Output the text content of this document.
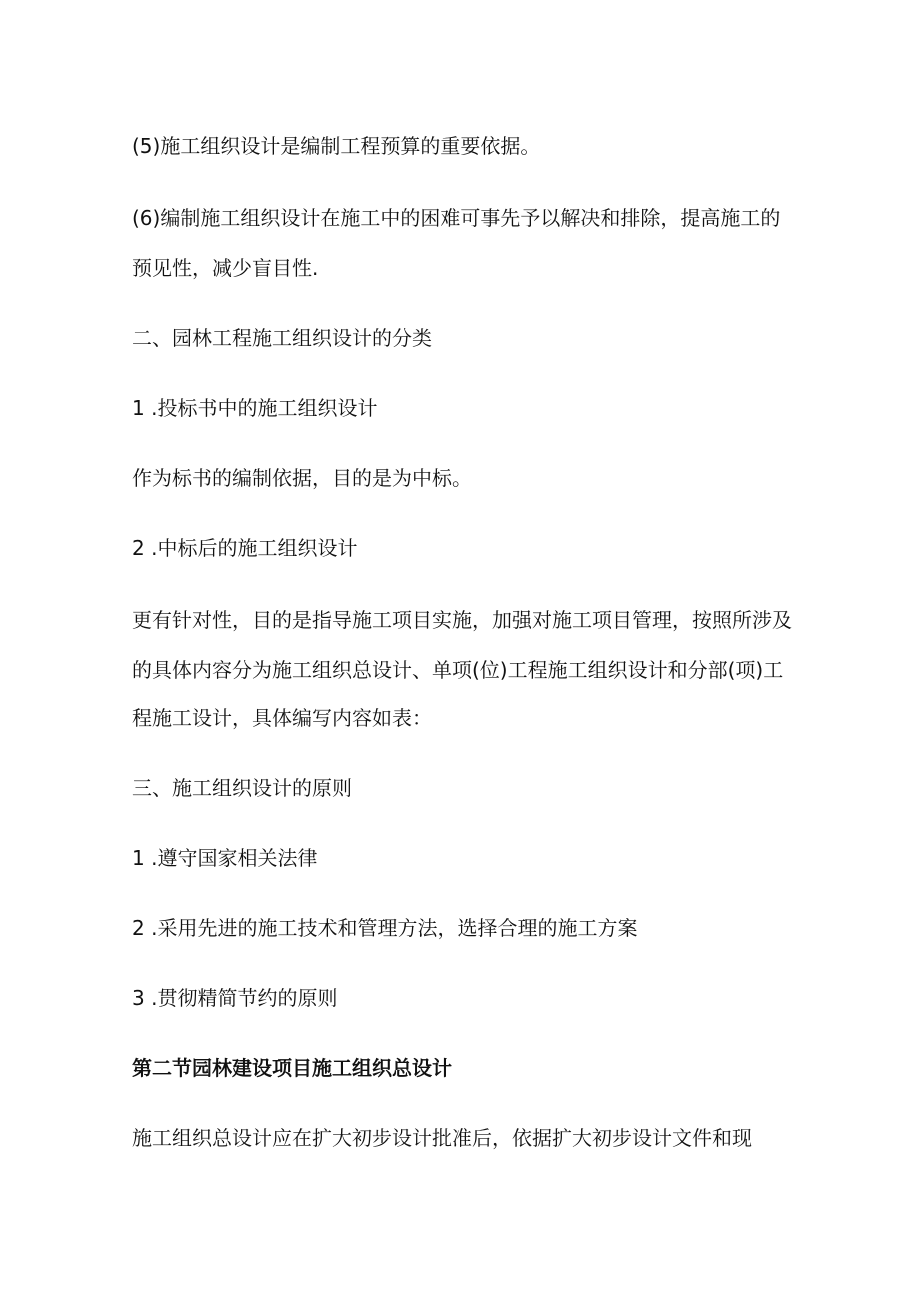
(5)施工组织设计是编制工程预算的重要依据。
(6)编制施工组织设计在施工中的困难可事先予以解决和排除，提高施工的
预见性，减少盲目性.
二、园林工程施工组织设计的分类
1 .投标书中的施工组织设计
作为标书的编制依据，目的是为中标。
2 .中标后的施工组织设计
更有针对性，目的是指导施工项目实施，加强对施工项目管理，按照所涉及
的具体内容分为施工组织总设计、单项(位)工程施工组织设计和分部(项)工
程施工设计，具体编写内容如表：
三、施工组织设计的原则
1 .遵守国家相关法律
2 .采用先进的施工技术和管理方法，选择合理的施工方案
3 .贯彻精简节约的原则
第二节园林建设项目施工组织总设计
施工组织总设计应在扩大初步设计批准后，依据扩大初步设计文件和现
